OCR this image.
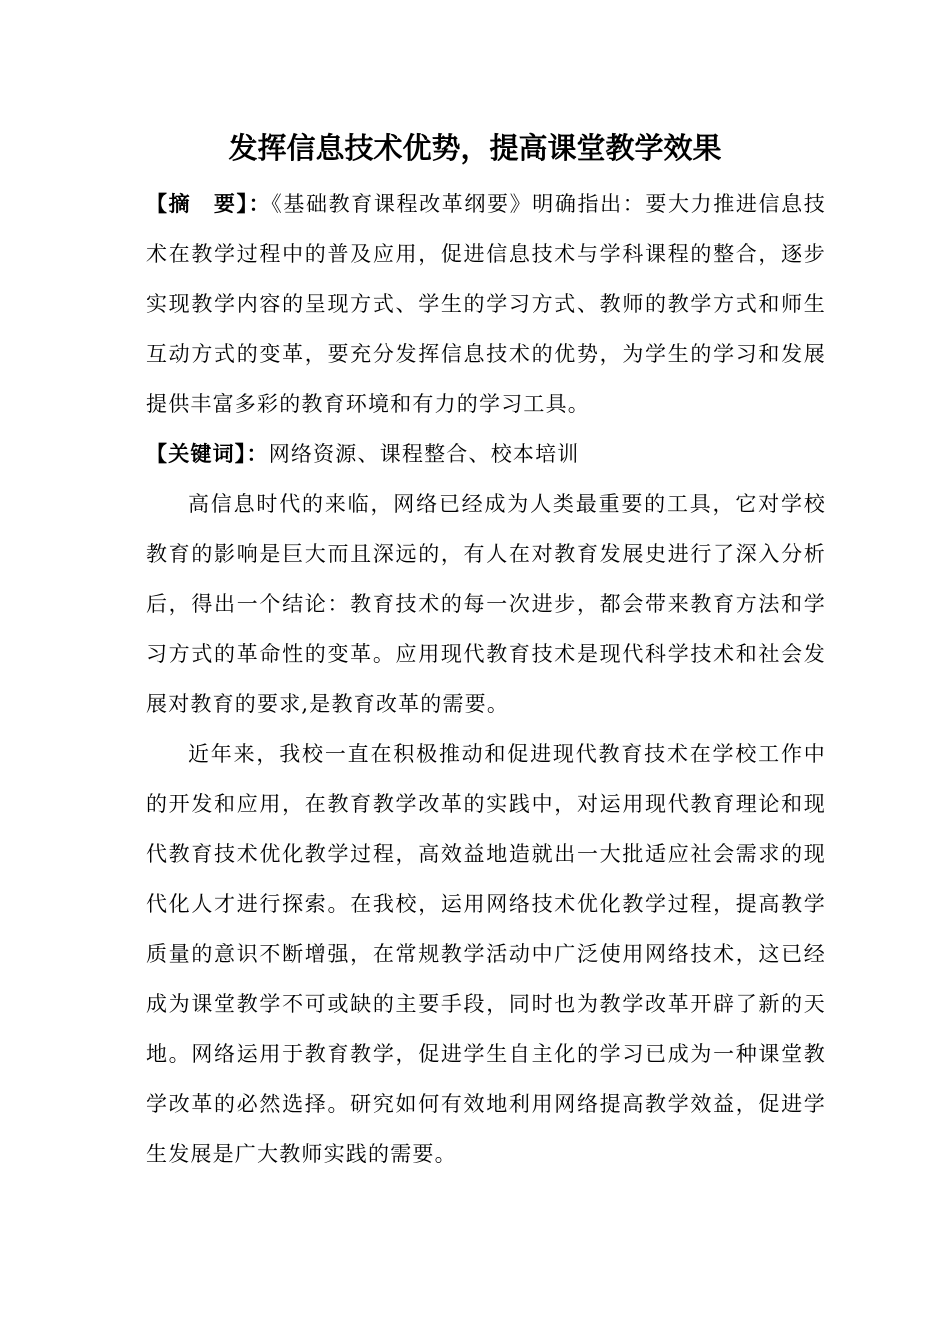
发挥信息技术优势，提高课堂教学效果

【摘　要】：《基础教育课程改革纲要》明确指出：要大力推进信息技术在教学过程中的普及应用，促进信息技术与学科课程的整合，逐步实现教学内容的呈现方式、学生的学习方式、教师的教学方式和师生互动方式的变革，要充分发挥信息技术的优势，为学生的学习和发展提供丰富多彩的教育环境和有力的学习工具。

【关键词】：网络资源、课程整合、校本培训

高信息时代的来临，网络已经成为人类最重要的工具，它对学校教育的影响是巨大而且深远的，有人在对教育发展史进行了深入分析后，得出一个结论：教育技术的每一次进步，都会带来教育方法和学习方式的革命性的变革。应用现代教育技术是现代科学技术和社会发展对教育的要求,是教育改革的需要。

近年来，我校一直在积极推动和促进现代教育技术在学校工作中的开发和应用，在教育教学改革的实践中，对运用现代教育理论和现代教育技术优化教学过程，高效益地造就出一大批适应社会需求的现代化人才进行探索。在我校，运用网络技术优化教学过程，提高教学质量的意识不断增强，在常规教学活动中广泛使用网络技术，这已经成为课堂教学不可或缺的主要手段，同时也为教学改革开辟了新的天地。网络运用于教育教学，促进学生自主化的学习已成为一种课堂教学改革的必然选择。研究如何有效地利用网络提高教学效益，促进学生发展是广大教师实践的需要。
